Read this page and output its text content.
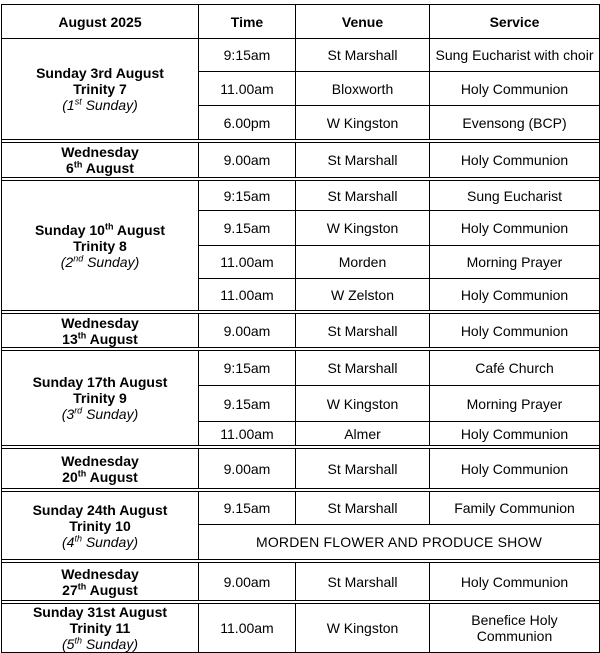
August 2025	Time	Venue	Service

Sunday 3rd August
Trinity 7
(1st Sunday)	9:15am	St Marshall	Sung Eucharist with choir
	11.00am	Bloxworth	Holy Communion
	6.00pm	W Kingston	Evensong (BCP)

Wednesday
6th August	9.00am	St Marshall	Holy Communion

Sunday 10th August
Trinity 8
(2nd Sunday)	9:15am	St Marshall	Sung Eucharist
	9.15am	W Kingston	Holy Communion
	11.00am	Morden	Morning Prayer
	11.00am	W Zelston	Holy Communion

Wednesday
13th August	9.00am	St Marshall	Holy Communion

Sunday 17th August
Trinity 9
(3rd Sunday)	9:15am	St Marshall	Café Church
	9.15am	W Kingston	Morning Prayer
	11.00am	Almer	Holy Communion

Wednesday
20th August	9.00am	St Marshall	Holy Communion

Sunday 24th August
Trinity 10
(4th Sunday)	9.15am	St Marshall	Family Communion
	MORDEN FLOWER AND PRODUCE SHOW		

Wednesday
27th August	9.00am	St Marshall	Holy Communion

Sunday 31st August
Trinity 11
(5th Sunday)	11.00am	W Kingston	Benefice Holy
Communion
